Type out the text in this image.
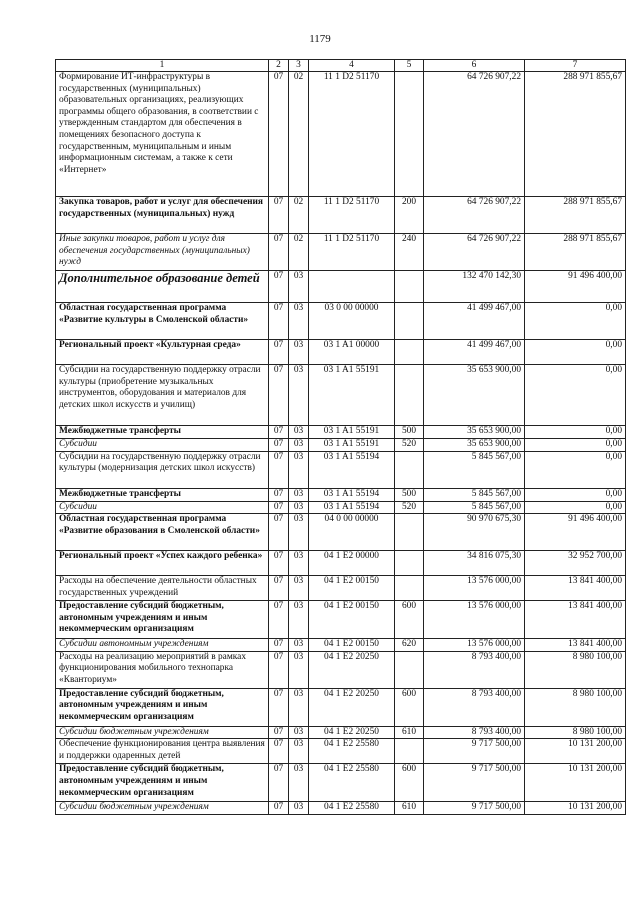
1179
1	2	3	4	5	6	7
Формирование ИТ-инфраструктуры в государственных (муниципальных) образовательных организациях, реализующих программы общего образования, в соответствии с утвержденным стандартом для обеспечения в помещениях безопасного доступа к государственным, муниципальным и иным информационным системам, а также к сети «Интернет»	07	02	11 1 D2 51170		64 726 907,22	288 971 855,67
Закупка товаров, работ и услуг для обеспечения государственных (муниципальных) нужд	07	02	11 1 D2 51170	200	64 726 907,22	288 971 855,67
Иные закупки товаров, работ и услуг для обеспечения государственных (муниципальных) нужд	07	02	11 1 D2 51170	240	64 726 907,22	288 971 855,67
Дополнительное образование детей	07	03			132 470 142,30	91 496 400,00
Областная государственная программа «Развитие культуры в Смоленской области»	07	03	03 0 00 00000		41 499 467,00	0,00
Региональный проект «Культурная среда»	07	03	03 1 A1 00000		41 499 467,00	0,00
Субсидии на государственную поддержку отрасли культуры (приобретение музыкальных инструментов, оборудования и материалов для детских школ искусств и училищ)	07	03	03 1 A1 55191		35 653 900,00	0,00
Межбюджетные трансферты	07	03	03 1 A1 55191	500	35 653 900,00	0,00
Субсидии	07	03	03 1 A1 55191	520	35 653 900,00	0,00
Субсидии на государственную поддержку отрасли культуры (модернизация детских школ искусств)	07	03	03 1 A1 55194		5 845 567,00	0,00
Межбюджетные трансферты	07	03	03 1 A1 55194	500	5 845 567,00	0,00
Субсидии	07	03	03 1 A1 55194	520	5 845 567,00	0,00
Областная государственная программа «Развитие образования в Смоленской области»	07	03	04 0 00 00000		90 970 675,30	91 496 400,00
Региональный проект «Успех каждого ребенка»	07	03	04 1 E2 00000		34 816 075,30	32 952 700,00
Расходы на обеспечение деятельности областных государственных учреждений	07	03	04 1 E2 00150		13 576 000,00	13 841 400,00
Предоставление субсидий бюджетным, автономным учреждениям и иным некоммерческим организациям	07	03	04 1 E2 00150	600	13 576 000,00	13 841 400,00
Субсидии автономным учреждениям	07	03	04 1 E2 00150	620	13 576 000,00	13 841 400,00
Расходы на реализацию мероприятий в рамках функционирования мобильного технопарка «Кванториум»	07	03	04 1 E2 20250		8 793 400,00	8 980 100,00
Предоставление субсидий бюджетным, автономным учреждениям и иным некоммерческим организациям	07	03	04 1 E2 20250	600	8 793 400,00	8 980 100,00
Субсидии бюджетным учреждениям	07	03	04 1 E2 20250	610	8 793 400,00	8 980 100,00
Обеспечение функционирования центра выявления и поддержки одаренных детей	07	03	04 1 E2 25580		9 717 500,00	10 131 200,00
Предоставление субсидий бюджетным, автономным учреждениям и иным некоммерческим организациям	07	03	04 1 E2 25580	600	9 717 500,00	10 131 200,00
Субсидии бюджетным учреждениям	07	03	04 1 E2 25580	610	9 717 500,00	10 131 200,00
